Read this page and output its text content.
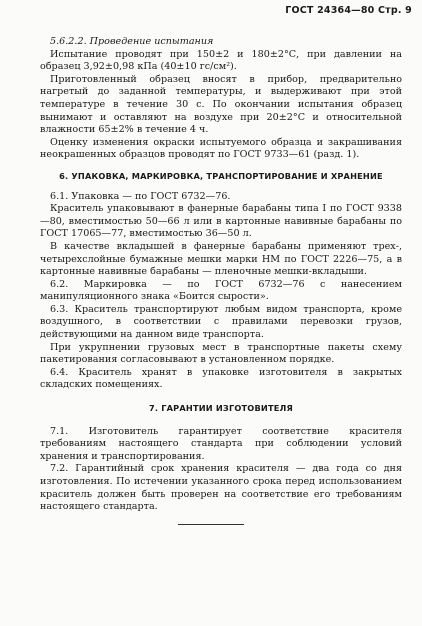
ГОСТ 24364—80 Стр. 9

5.6.2.2. Проведение испытания

Испытание проводят при 150±2 и 180±2°С, при давлении на образец 3,92±0,98 кПа (40±10 гс/см²).

Приготовленный образец вносят в прибор, предварительно нагретый до заданной температуры, и выдерживают при этой температуре в течение 30 с. По окончании испытания образец вынимают и оставляют на воздухе при 20±2°С и относительной влажности 65±2% в течение 4 ч.

Оценку изменения окраски испытуемого образца и закрашивания неокрашенных образцов проводят по ГОСТ 9733—61 (разд. 1).

6. УПАКОВКА, МАРКИРОВКА, ТРАНСПОРТИРОВАНИЕ И ХРАНЕНИЕ

6.1. Упаковка — по ГОСТ 6732—76.

Краситель упаковывают в фанерные барабаны типа I по ГОСТ 9338—80, вместимостью 50—66 л или в картонные навивные барабаны по ГОСТ 17065—77, вместимостью 36—50 л.

В качестве вкладышей в фанерные барабаны применяют трех-, четырехслойные бумажные мешки марки НМ по ГОСТ 2226—75, а в картонные навивные барабаны — пленочные мешки-вкладыши.

6.2. Маркировка — по ГОСТ 6732—76 с нанесением манипуляционного знака «Боится сырости».

6.3. Краситель транспортируют любым видом транспорта, кроме воздушного, в соответствии с правилами перевозки грузов, действующими на данном виде транспорта.

При укрупнении грузовых мест в транспортные пакеты схему пакетирования согласовывают в установленном порядке.

6.4. Краситель хранят в упаковке изготовителя в закрытых складских помещениях.

7. ГАРАНТИИ ИЗГОТОВИТЕЛЯ

7.1. Изготовитель гарантирует соответствие красителя требованиям настоящего стандарта при соблюдении условий хранения и транспортирования.

7.2. Гарантийный срок хранения красителя — два года со дня изготовления. По истечении указанного срока перед использованием краситель должен быть проверен на соответствие его требованиям настоящего стандарта.
